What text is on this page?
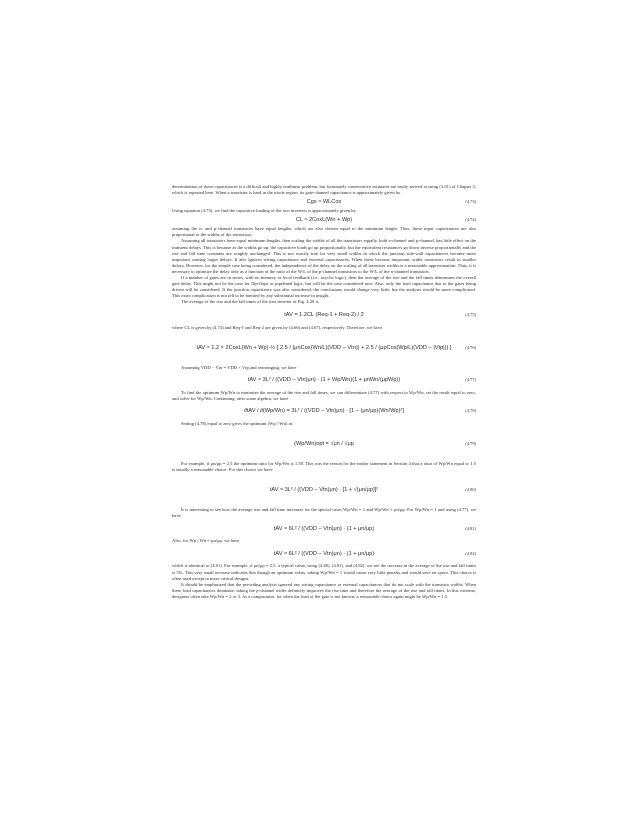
determination of these capacitances is a difficult and highly nonlinear problem, but fortunately conservative estimates are easily arrived at using (3.61) of Chapter 3, which is repeated here. When a transistor is hard in the triode region, its gate-channel capacitance is approximately given by

Cgs ≈ WLCox	(4.73)

Using equation (4.73), we find the capacitive loading of the two inverters is approximately given by

CL ≈ 2CoxL(Wn + Wp)	(4.74)

assuming the n- and p-channel transistors have equal lengths, which are also chosen equal to the minimum length. Thus, these input capacitances are also proportional to the widths of the transistors.

Assuming all transistors have equal minimum lengths, then scaling the widths of all the transistors equally, both n-channel and p-channel, has little effect on the transient delays. This is because as the widths go up, the capacitive loads go up proportionally, but the equivalent resistances go down inverse proportionally and the rise and fall time constants are roughly unchanged. This is not exactly true for very small widths in which the junction side-wall capacitances become more important causing larger delays. It also ignores wiring capacitance and external capacitances. When these become important, wider transistors result in smaller delays. However, for the simple case being considered, the independence of the delay on the scaling of all transistor widths is a reasonable approximation. Thus, it is necessary to optimize the delay only as a function of the ratio of the W/L of the p-channel transistors to the W/L of the n-channel transistors.

If a number of gates are in series, with no memory or local feedback (i.e., acyclic logic), then the average of the rise and the fall times determines the overall gate delay. This might not be the case for flip-flops or pipelined logic, but will be the case considered now. Also, only the load capacitance due to the gates being driven will be considered. If the junction capacitance was also considered, the conclusions would change very little, but the analysis would be more complicated. This extra complication is not felt to be merited by any substantial increase in insight.

The average of the rise and the fall times of the first inverter of Fig. 4.29 is

tAV = 1.2CL (Req-1 + Req-2) / 2	(4.75)

where CL is given by (4.74) and Req-1 and Req-2 are given by (4.66) and (4.67), respectively. Therefore, we have

tAV ≈ 1.2 × 2CoxL(Wn + Wp)·½·[ 2.5 / (μnCox(Wn/L)(VDD − Vtn)) + 2.5 / (μpCox(Wp/L)(VDD − |Vtp|)) ]	(4.76)

Assuming VDD − Vtn = VDD + Vtp and rearranging, we have

tAV ≈ 3L² / ((VDD − Vtn)μn) · (1 + Wp/Wn)(1 + μnWn/(μpWp))	(4.77)

To find the optimum Wp/Wn to minimize the average of the rise and fall times, we can differentiate (4.77) with respect to Wp/Wn, set the result equal to zero, and solve for Wp/Wn. Continuing, after some algebra, we have

∂tAV / ∂(Wp/Wn) = 3L² / ((VDD − Vtn)μn) · [1 − (μn/μp)(Wn/Wp)²]	(4.78)

Setting (4.78) equal to zero gives the optimum (Wp / Wn) as

(Wp/Wn)opt = √μn / √μp	(4.79)

For example, if μn/μp = 2.5 the optimum ratio for Wp/Wn is 1.58. This was the reason for the earlier statement in Section 4 that a ratio of Wp/Wn equal to 1.5 is usually a reasonable choice. For this choice we have

tAV ≈ 3L² / ((VDD − Vtn)μn) · [1 + √(μn/μp)]²	(4.80)

It is interesting to see how the average rise and fall time increases for the special cases Wp/Wn = 1 and Wp/Wn = μn/μp. For Wp/Wn = 1 and using (4.77), we have

tAV ≈ 6L² / ((VDD − Vtn)μn) · (1 + μn/μp)	(4.81)

Also, for Wp / Wn = μn/μp, we have

tAV ≈ 6L² / ((VDD − Vtn)μn) · (1 + μn/μp)	(4.82)

which is identical to (4.81). For example, if μn/μp = 2.5, a typical value, using (4.80), (4.81), and (4.82), we see the increase in the average of the rise and fall times is 5%. This very small increase indicates that though an optimum exists, taking Wp/Wn = 1 would cause very little penalty and would save on space. This choice is often used except in more critical designs.

It should be emphasized that the preceding analysis ignored any wiring capacitance or external capacitances that do not scale with the transistor widths. When these load capacitances dominate, taking the p-channel wider definitely improves the rise time and therefore the average of the rise and fall times. In this extreme, designers often take Wp/Wn = 2 or 3. As a compromise, for when the load of the gate is not known, a reasonable choice again might be Wp/Wn = 1.5.
